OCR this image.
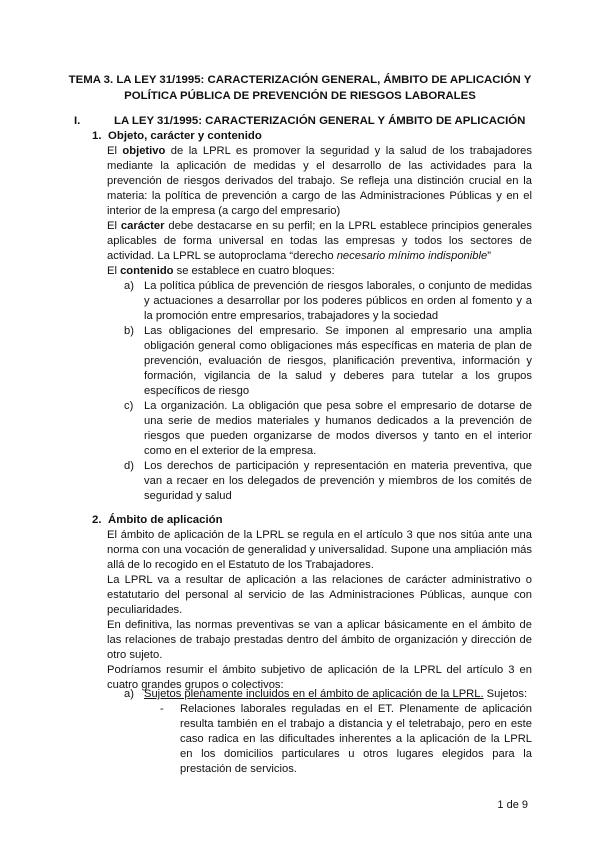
TEMA 3. LA LEY 31/1995: CARACTERIZACIÓN GENERAL, ÁMBITO DE APLICACIÓN Y POLÍTICA PÚBLICA DE PREVENCIÓN DE RIESGOS LABORALES
I.	LA LEY 31/1995: CARACTERIZACIÓN GENERAL Y ÁMBITO DE APLICACIÓN
1. Objeto, carácter y contenido

El objetivo de la LPRL es promover la seguridad y la salud de los trabajadores mediante la aplicación de medidas y el desarrollo de las actividades para la prevención de riesgos derivados del trabajo. Se refleja una distinción crucial en la materia: la política de prevención a cargo de las Administraciones Públicas y en el interior de la empresa (a cargo del empresario)

El carácter debe destacarse en su perfil; en la LPRL establece principios generales aplicables de forma universal en todas las empresas y todos los sectores de actividad. La LPRL se autoproclama “derecho necesario mínimo indisponible”

El contenido se establece en cuatro bloques:

a) La política pública de prevención de riesgos laborales, o conjunto de medidas y actuaciones a desarrollar por los poderes públicos en orden al fomento y a la promoción entre empresarios, trabajadores y la sociedad
b) Las obligaciones del empresario. Se imponen al empresario una amplia obligación general como obligaciones más específicas en materia de plan de prevención, evaluación de riesgos, planificación preventiva, información y formación, vigilancia de la salud y deberes para tutelar a los grupos específicos de riesgo
c) La organización. La obligación que pesa sobre el empresario de dotarse de una serie de medios materiales y humanos dedicados a la prevención de riesgos que pueden organizarse de modos diversos y tanto en el interior como en el exterior de la empresa.
d) Los derechos de participación y representación en materia preventiva, que van a recaer en los delegados de prevención y miembros de los comités de seguridad y salud
2. Ámbito de aplicación

El ámbito de aplicación de la LPRL se regula en el artículo 3 que nos sitúa ante una norma con una vocación de generalidad y universalidad. Supone una ampliación más allá de lo recogido en el Estatuto de los Trabajadores.

La LPRL va a resultar de aplicación a las relaciones de carácter administrativo o estatutario del personal al servicio de las Administraciones Públicas, aunque con peculiaridades.

En definitiva, las normas preventivas se van a aplicar básicamente en el ámbito de las relaciones de trabajo prestadas dentro del ámbito de organización y dirección de otro sujeto.

Podríamos resumir el ámbito subjetivo de aplicación de la LPRL del artículo 3 en cuatro grandes grupos o colectivos:

a) Sujetos plenamente incluidos en el ámbito de aplicación de la LPRL. Sujetos:
- Relaciones laborales reguladas en el ET. Plenamente de aplicación resulta también en el trabajo a distancia y el teletrabajo, pero en este caso radica en las dificultades inherentes a la aplicación de la LPRL en los domicilios particulares u otros lugares elegidos para la prestación de servicios.
1 de 9
